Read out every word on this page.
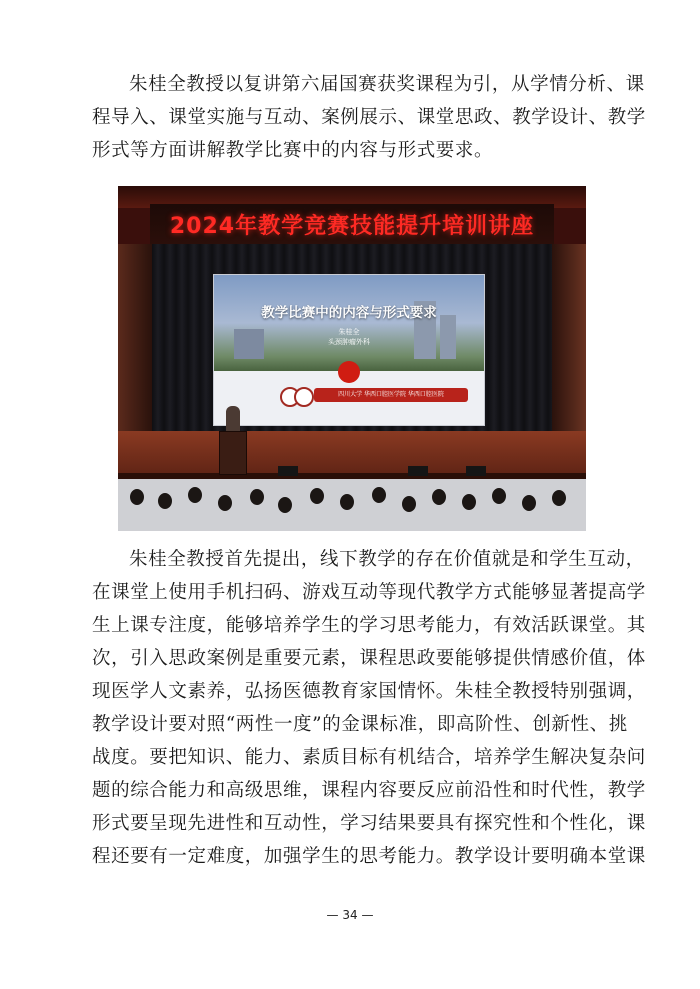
朱桂全教授以复讲第六届国赛获奖课程为引，从学情分析、课
程导入、课堂实施与互动、案例展示、课堂思政、教学设计、教学
形式等方面讲解教学比赛中的内容与形式要求。
2024年教学竞赛技能提升培训讲座
教学比赛中的内容与形式要求
朱桂全
头颈肿瘤外科
四川大学 华西口腔医学院 华西口腔医院
朱桂全教授首先提出，线下教学的存在价值就是和学生互动，
在课堂上使用手机扫码、游戏互动等现代教学方式能够显著提高学
生上课专注度，能够培养学生的学习思考能力，有效活跃课堂。其
次，引入思政案例是重要元素，课程思政要能够提供情感价值，体
现医学人文素养，弘扬医德教育家国情怀。朱桂全教授特别强调，
教学设计要对照“两性一度”的金课标准，即高阶性、创新性、挑
战度。要把知识、能力、素质目标有机结合，培养学生解决复杂问
题的综合能力和高级思维，课程内容要反应前沿性和时代性，教学
形式要呈现先进性和互动性，学习结果要具有探究性和个性化，课
程还要有一定难度，加强学生的思考能力。教学设计要明确本堂课
— 34 —
